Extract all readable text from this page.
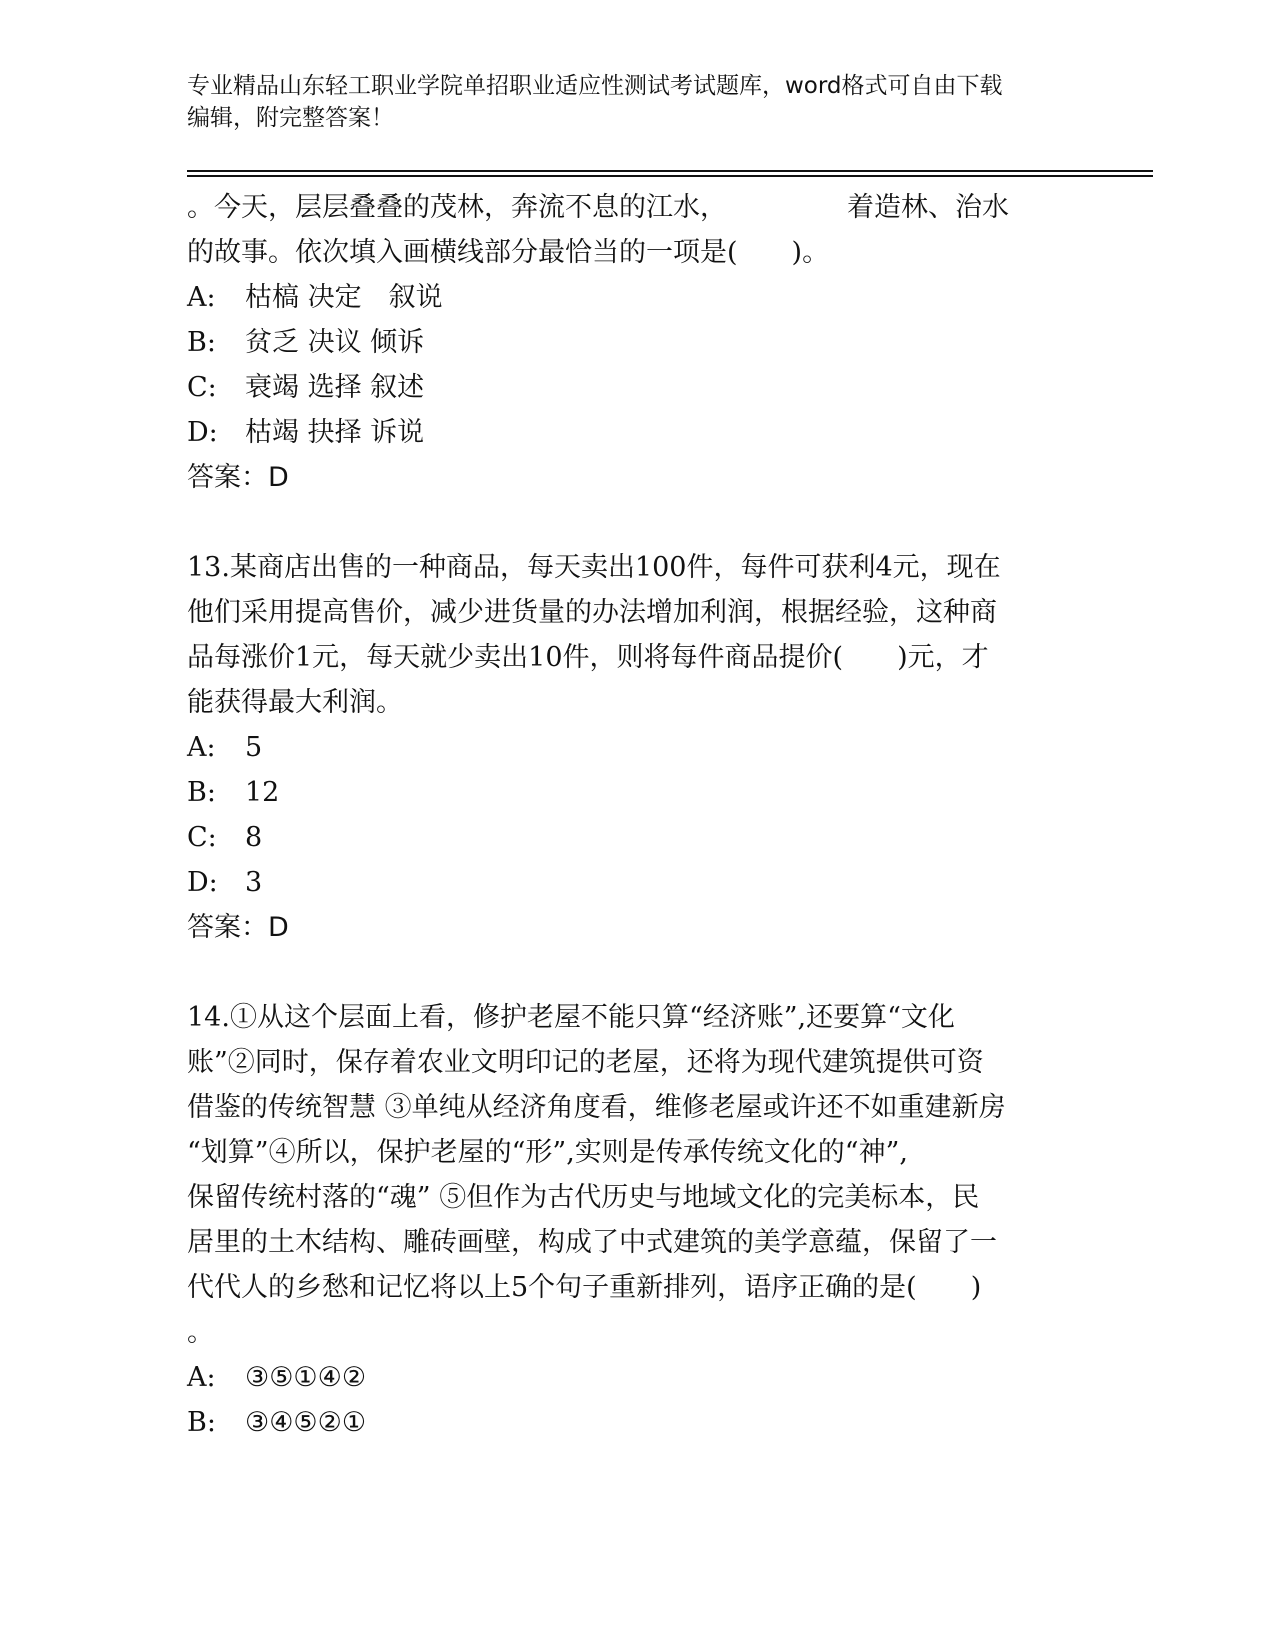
专业精品山东轻工职业学院单招职业适应性测试考试题库，word格式可自由下载
编辑，附完整答案！
。今天，层层叠叠的茂林，奔流不息的江水，	着造林、治水
的故事。依次填入画横线部分最恰当的一项是(　　)。
A: 枯槁 决定　叙说
B: 贫乏 决议 倾诉
C: 衰竭 选择 叙述
D: 枯竭 抉择 诉说
答案：D
13.某商店出售的一种商品，每天卖出100件，每件可获利4元，现在
他们采用提高售价，减少进货量的办法增加利润，根据经验，这种商
品每涨价1元，每天就少卖出10件，则将每件商品提价(　　)元，才
能获得最大利润。
A: 5
B: 12
C: 8
D: 3
答案：D
14.①从这个层面上看，修护老屋不能只算“经济账”,还要算“文化
账”②同时，保存着农业文明印记的老屋，还将为现代建筑提供可资
借鉴的传统智慧 ③单纯从经济角度看，维修老屋或许还不如重建新房
“划算”④所以，保护老屋的“形”,实则是传承传统文化的“神”,
保留传统村落的“魂” ⑤但作为古代历史与地域文化的完美标本，民
居里的土木结构、雕砖画壁，构成了中式建筑的美学意蕴，保留了一
代代人的乡愁和记忆将以上5个句子重新排列，语序正确的是(　　)
。
A: ③⑤①④②
B: ③④⑤②①
